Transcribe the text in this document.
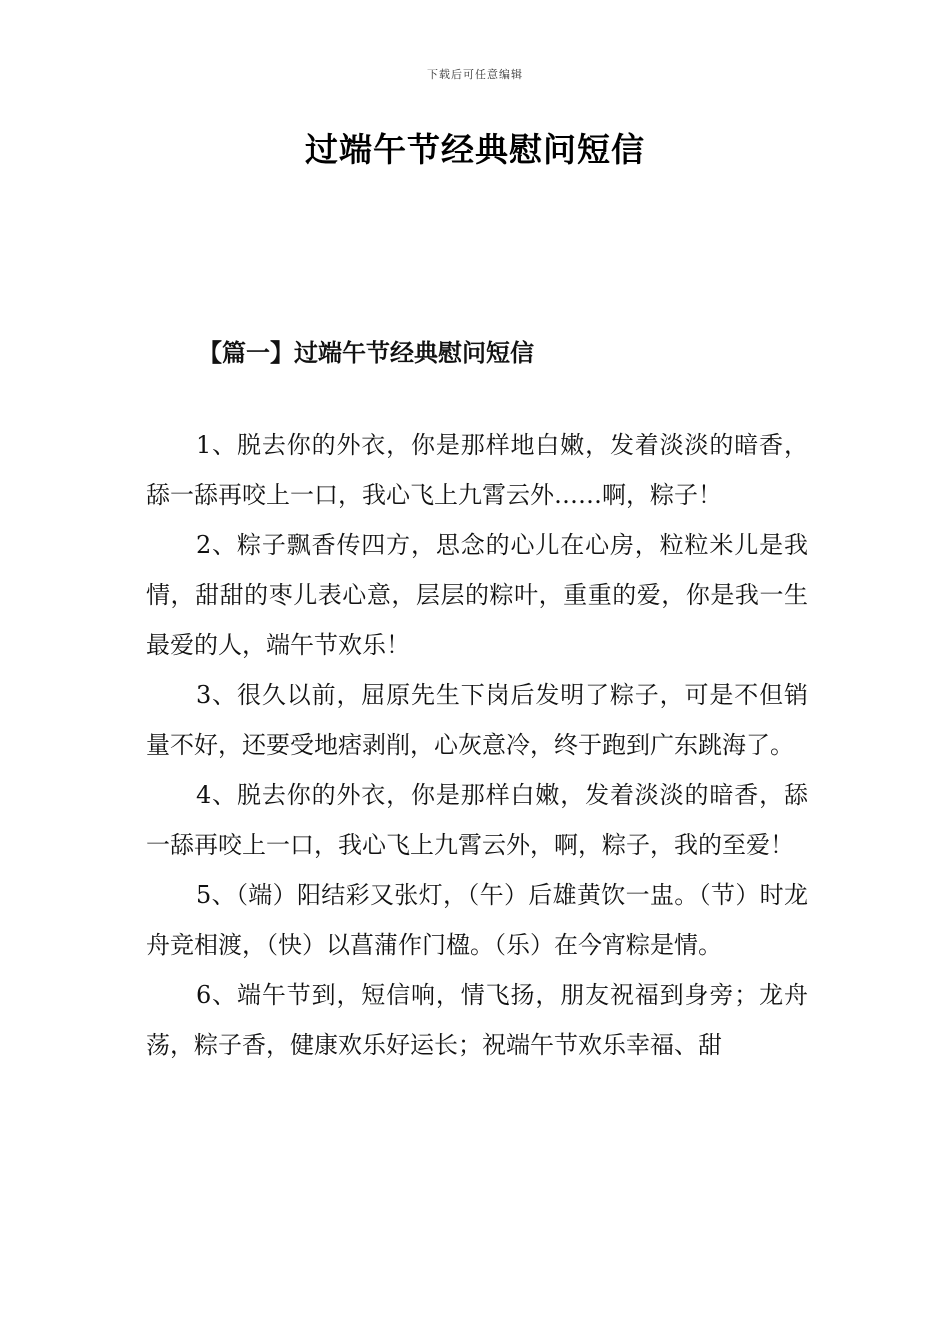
下载后可任意编辑
过端午节经典慰问短信
【篇一】过端午节经典慰问短信

1、脱去你的外衣，你是那样地白嫩，发着淡淡的暗香，舔一舔再咬上一口，我心飞上九霄云外……啊，粽子！

2、粽子飘香传四方，思念的心儿在心房，粒粒米儿是我情，甜甜的枣儿表心意，层层的粽叶，重重的爱，你是我一生最爱的人，端午节欢乐！

3、很久以前，屈原先生下岗后发明了粽子，可是不但销量不好，还要受地痞剥削，心灰意冷，终于跑到广东跳海了。

4、脱去你的外衣，你是那样白嫩，发着淡淡的暗香，舔一舔再咬上一口，我心飞上九霄云外，啊，粽子，我的至爱！

5、（端）阳结彩又张灯，（午）后雄黄饮一盅。（节）时龙舟竞相渡，（快）以菖蒲作门楹。（乐）在今宵粽是情。

6、端午节到，短信响，情飞扬，朋友祝福到身旁；龙舟荡，粽子香，健康欢乐好运长；祝端午节欢乐幸福、甜
